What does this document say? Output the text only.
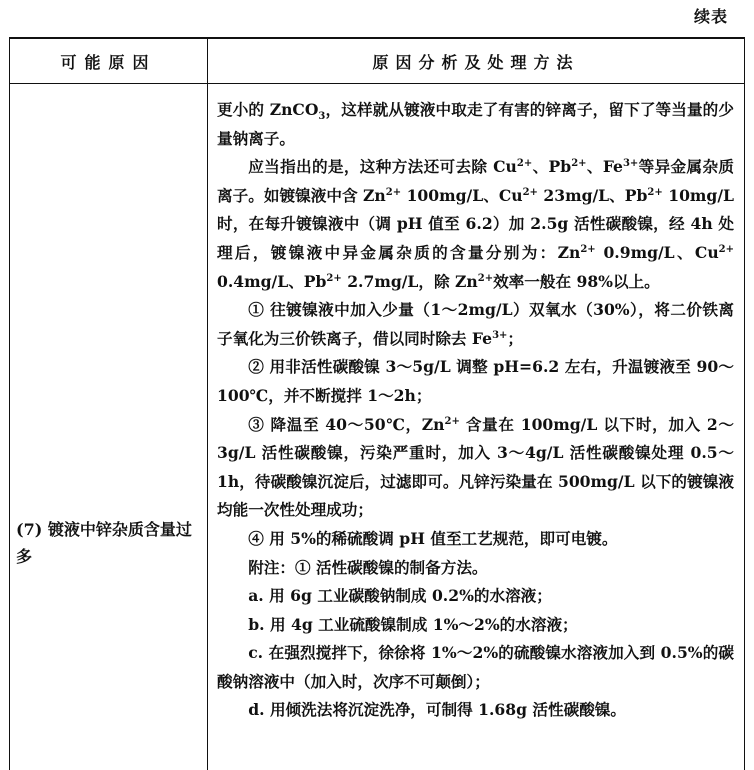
续表
可能原因	原因分析及处理方法
(7) 镀液中锌杂质含量过多

更小的 ZnCO$_3$，这样就从镀液中取走了有害的锌离子，留下了等当量的少量钠离子。

应当指出的是，这种方法还可去除 $Cu^{2+}$、$Pb^{2+}$、$Fe^{3+}$等异金属杂质离子。如镀镍液中含 $Zn^{2+}$ 100mg/L、$Cu^{2+}$ 23mg/L、$Pb^{2+}$ 10mg/L 时，在每升镀镍液中（调 pH 值至 6.2）加 2.5g 活性碳酸镍，经 4h 处理后，镀镍液中异金属杂质的含量分别为：$Zn^{2+}$ 0.9mg/L、$Cu^{2+}$ 0.4mg/L、$Pb^{2+}$ 2.7mg/L，除 $Zn^{2+}$效率一般在 98%以上。

① 往镀镍液中加入少量（1～2mg/L）双氧水（30%），将二价铁离子氧化为三价铁离子，借以同时除去 $Fe^{3+}$；

② 用非活性碳酸镍 3～5g/L 调整 pH=6.2 左右，升温镀液至 90～100℃，并不断搅拌 1～2h；

③ 降温至 40～50℃，$Zn^{2+}$ 含量在 100mg/L 以下时，加入 2～3g/L 活性碳酸镍，污染严重时，加入 3～4g/L 活性碳酸镍处理 0.5～1h，待碳酸镍沉淀后，过滤即可。凡锌污染量在 500mg/L 以下的镀镍液均能一次性处理成功；

④ 用 5%的稀硫酸调 pH 值至工艺规范，即可电镀。

附注：① 活性碳酸镍的制备方法。

a. 用 6g 工业碳酸钠制成 0.2%的水溶液；

b. 用 4g 工业硫酸镍制成 1%～2%的水溶液；

c. 在强烈搅拌下，徐徐将 1%～2%的硫酸镍水溶液加入到 0.5%的碳酸钠溶液中（加入时，次序不可颠倒）；

d. 用倾洗法将沉淀洗净，可制得 1.68g 活性碳酸镍。
